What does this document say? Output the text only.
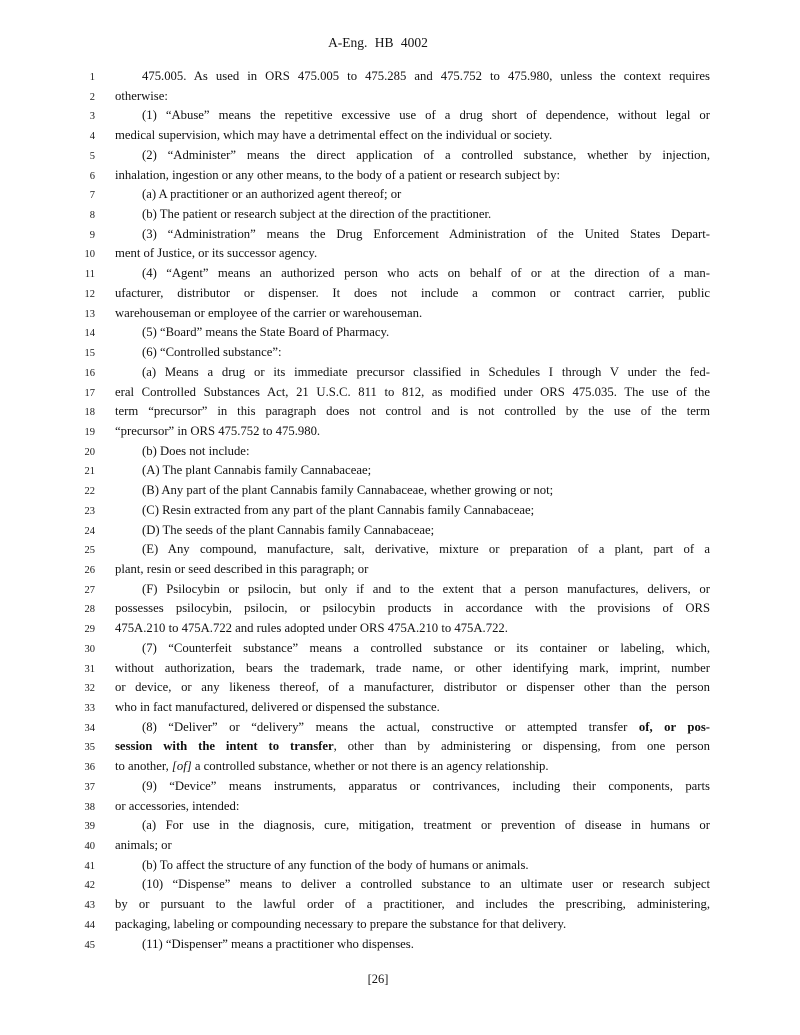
A-Eng. HB 4002
1	475.005. As used in ORS 475.005 to 475.285 and 475.752 to 475.980, unless the context requires
2 otherwise:
3	(1) “Abuse” means the repetitive excessive use of a drug short of dependence, without legal or
4 medical supervision, which may have a detrimental effect on the individual or society.
5	(2) “Administer” means the direct application of a controlled substance, whether by injection,
6 inhalation, ingestion or any other means, to the body of a patient or research subject by:
7	(a) A practitioner or an authorized agent thereof; or
8	(b) The patient or research subject at the direction of the practitioner.
9	(3) “Administration” means the Drug Enforcement Administration of the United States Depart-
10 ment of Justice, or its successor agency.
11	(4) “Agent” means an authorized person who acts on behalf of or at the direction of a man-
12 ufacturer, distributor or dispenser. It does not include a common or contract carrier, public
13 warehouseman or employee of the carrier or warehouseman.
14	(5) “Board” means the State Board of Pharmacy.
15	(6) “Controlled substance”:
16	(a) Means a drug or its immediate precursor classified in Schedules I through V under the fed-
17 eral Controlled Substances Act, 21 U.S.C. 811 to 812, as modified under ORS 475.035. The use of the
18 term “precursor” in this paragraph does not control and is not controlled by the use of the term
19 “precursor” in ORS 475.752 to 475.980.
20	(b) Does not include:
21	(A) The plant Cannabis family Cannabaceae;
22	(B) Any part of the plant Cannabis family Cannabaceae, whether growing or not;
23	(C) Resin extracted from any part of the plant Cannabis family Cannabaceae;
24	(D) The seeds of the plant Cannabis family Cannabaceae;
25	(E) Any compound, manufacture, salt, derivative, mixture or preparation of a plant, part of a
26 plant, resin or seed described in this paragraph; or
27	(F) Psilocybin or psilocin, but only if and to the extent that a person manufactures, delivers, or
28 possesses psilocybin, psilocin, or psilocybin products in accordance with the provisions of ORS
29 475A.210 to 475A.722 and rules adopted under ORS 475A.210 to 475A.722.
30	(7) “Counterfeit substance” means a controlled substance or its container or labeling, which,
31 without authorization, bears the trademark, trade name, or other identifying mark, imprint, number
32 or device, or any likeness thereof, of a manufacturer, distributor or dispenser other than the person
33 who in fact manufactured, delivered or dispensed the substance.
34	(8) “Deliver” or “delivery” means the actual, constructive or attempted transfer of, or pos-
35 session with the intent to transfer, other than by administering or dispensing, from one person
36 to another, [of] a controlled substance, whether or not there is an agency relationship.
37	(9) “Device” means instruments, apparatus or contrivances, including their components, parts
38 or accessories, intended:
39	(a) For use in the diagnosis, cure, mitigation, treatment or prevention of disease in humans or
40 animals; or
41	(b) To affect the structure of any function of the body of humans or animals.
42	(10) “Dispense” means to deliver a controlled substance to an ultimate user or research subject
43 by or pursuant to the lawful order of a practitioner, and includes the prescribing, administering,
44 packaging, labeling or compounding necessary to prepare the substance for that delivery.
45	(11) “Dispenser” means a practitioner who dispenses.
[26]
